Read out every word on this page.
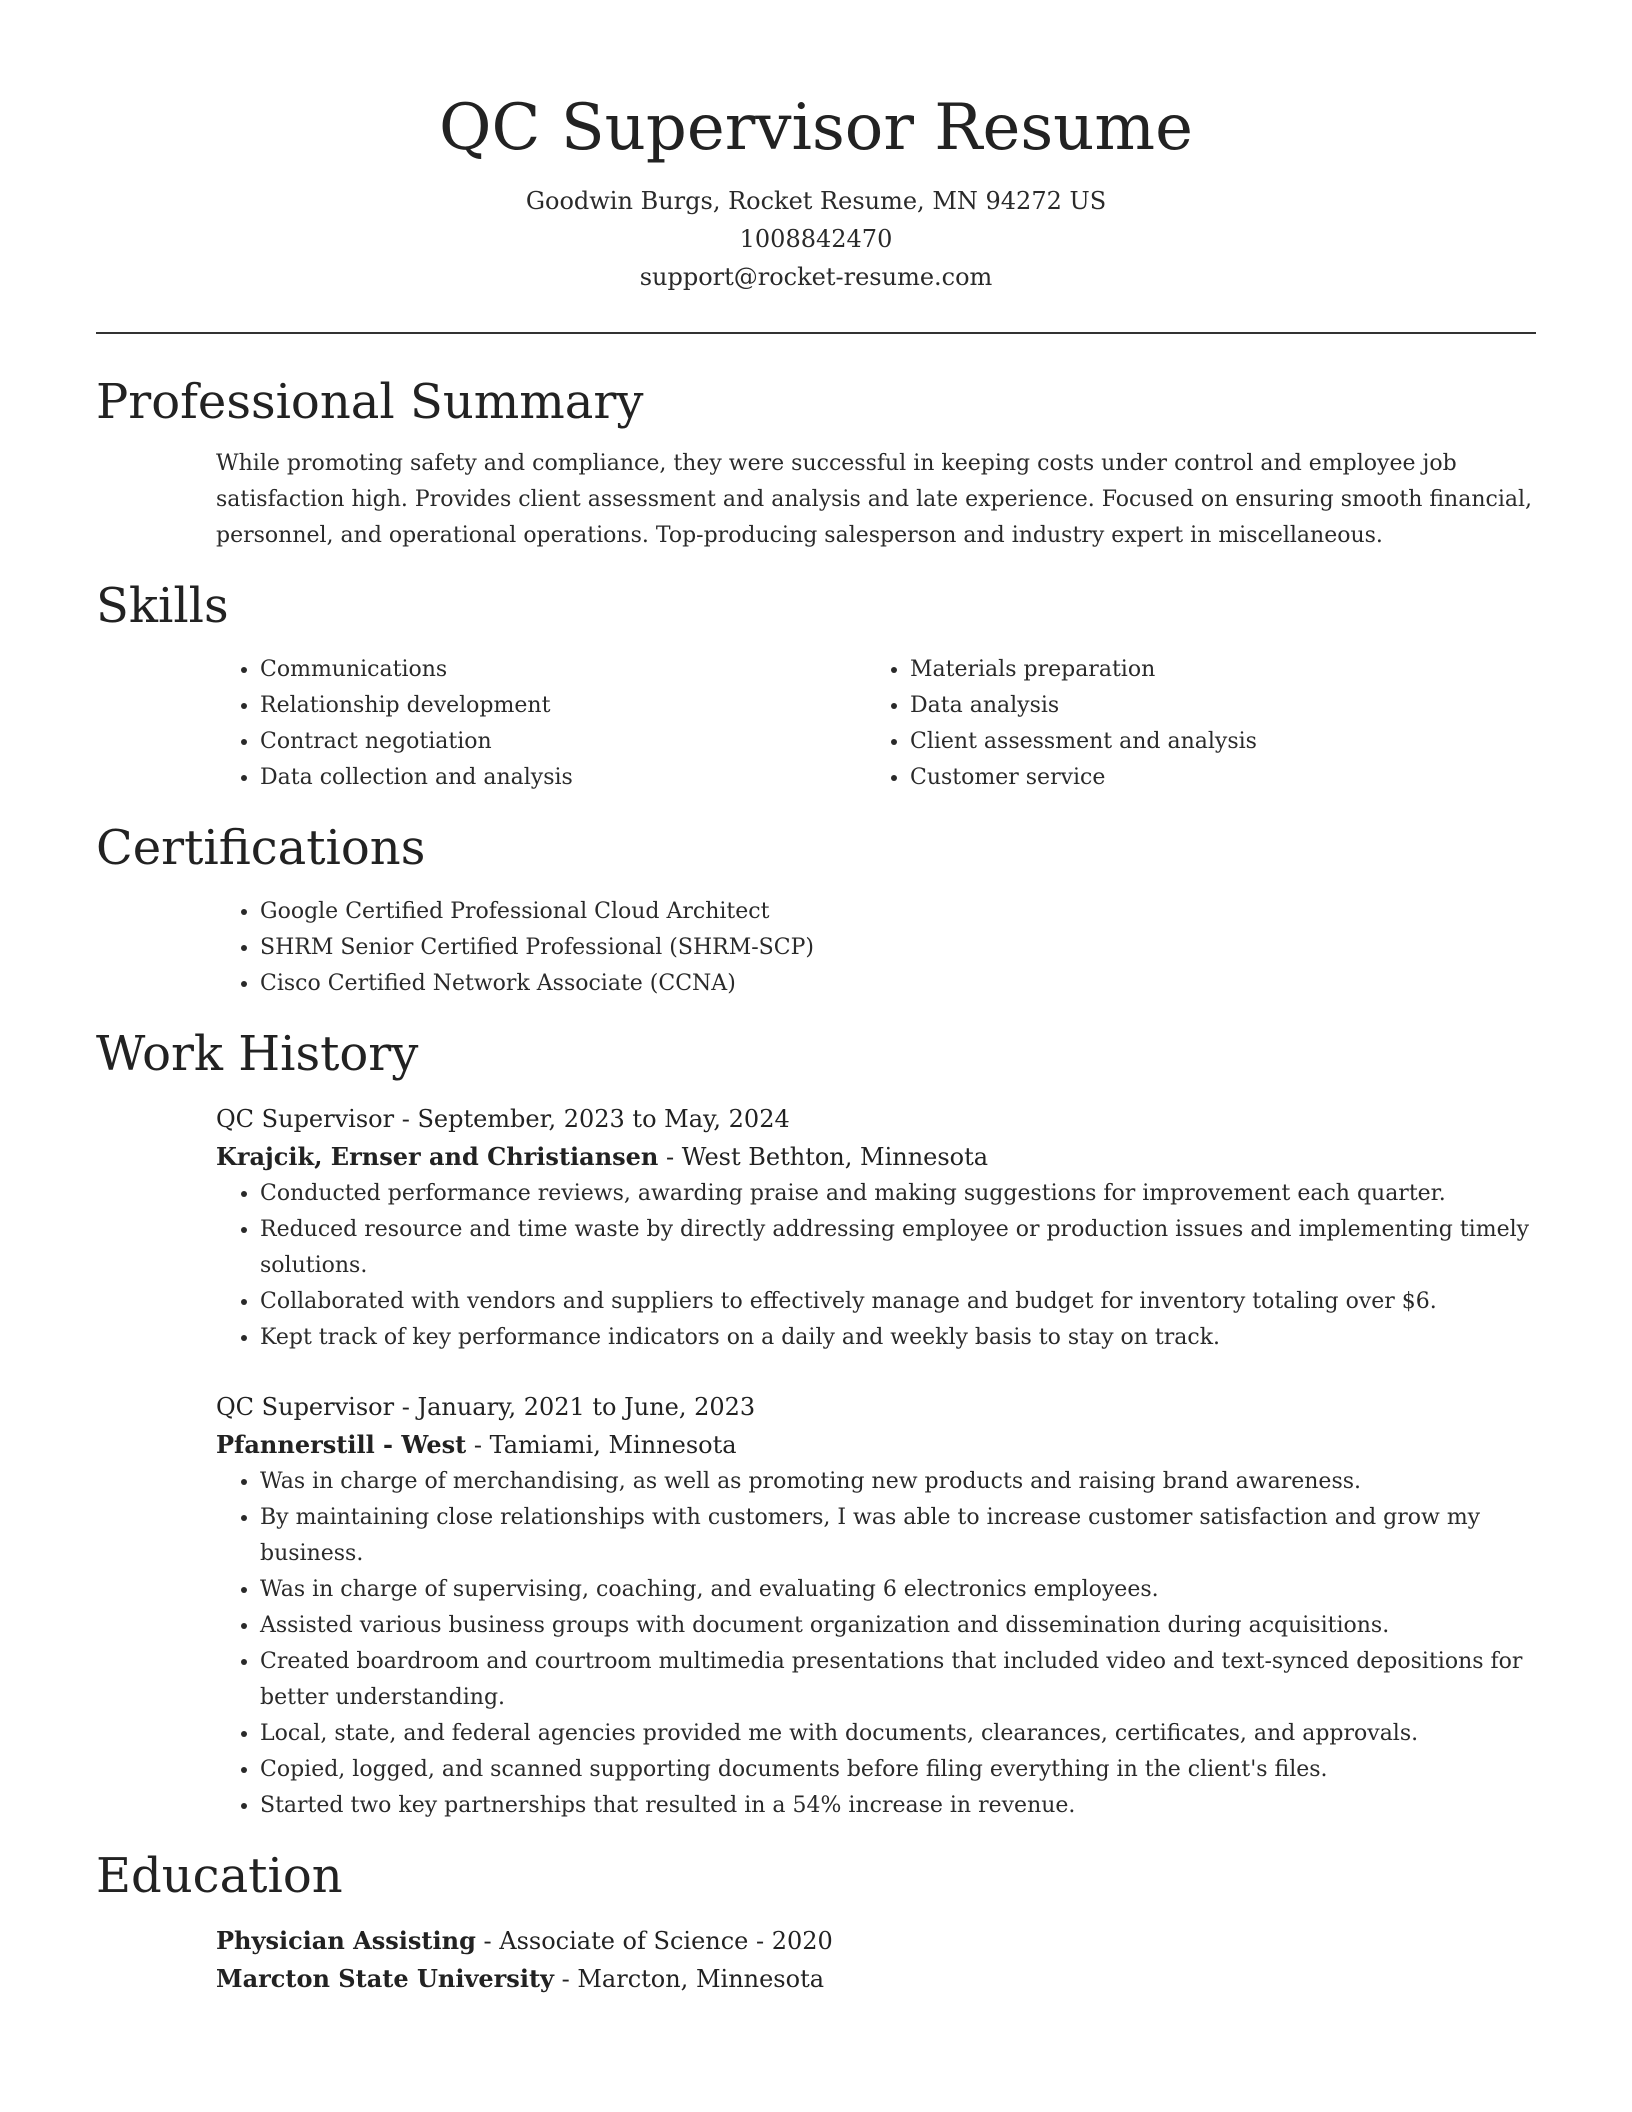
QC Supervisor Resume
Goodwin Burgs, Rocket Resume, MN 94272 US
1008842470
support@rocket-resume.com
Professional Summary

While promoting safety and compliance, they were successful in keeping costs under control and employee job satisfaction high. Provides client assessment and analysis and late experience. Focused on ensuring smooth financial, personnel, and operational operations. Top-producing salesperson and industry expert in miscellaneous.

Skills
• Communications
• Relationship development
• Contract negotiation
• Data collection and analysis
• Materials preparation
• Data analysis
• Client assessment and analysis
• Customer service
Certifications
• Google Certified Professional Cloud Architect
• SHRM Senior Certified Professional (SHRM-SCP)
• Cisco Certified Network Associate (CCNA)
Work History
QC Supervisor - September, 2023 to May, 2024
Krajcik, Ernser and Christiansen - West Bethton, Minnesota
• Conducted performance reviews, awarding praise and making suggestions for improvement each quarter.
• Reduced resource and time waste by directly addressing employee or production issues and implementing timely solutions.
• Collaborated with vendors and suppliers to effectively manage and budget for inventory totaling over $6.
• Kept track of key performance indicators on a daily and weekly basis to stay on track.
QC Supervisor - January, 2021 to June, 2023
Pfannerstill - West - Tamiami, Minnesota
• Was in charge of merchandising, as well as promoting new products and raising brand awareness.
• By maintaining close relationships with customers, I was able to increase customer satisfaction and grow my business.
• Was in charge of supervising, coaching, and evaluating 6 electronics employees.
• Assisted various business groups with document organization and dissemination during acquisitions.
• Created boardroom and courtroom multimedia presentations that included video and text-synced depositions for better understanding.
• Local, state, and federal agencies provided me with documents, clearances, certificates, and approvals.
• Copied, logged, and scanned supporting documents before filing everything in the client's files.
• Started two key partnerships that resulted in a 54% increase in revenue.
Education
Physician Assisting - Associate of Science - 2020
Marcton State University - Marcton, Minnesota
